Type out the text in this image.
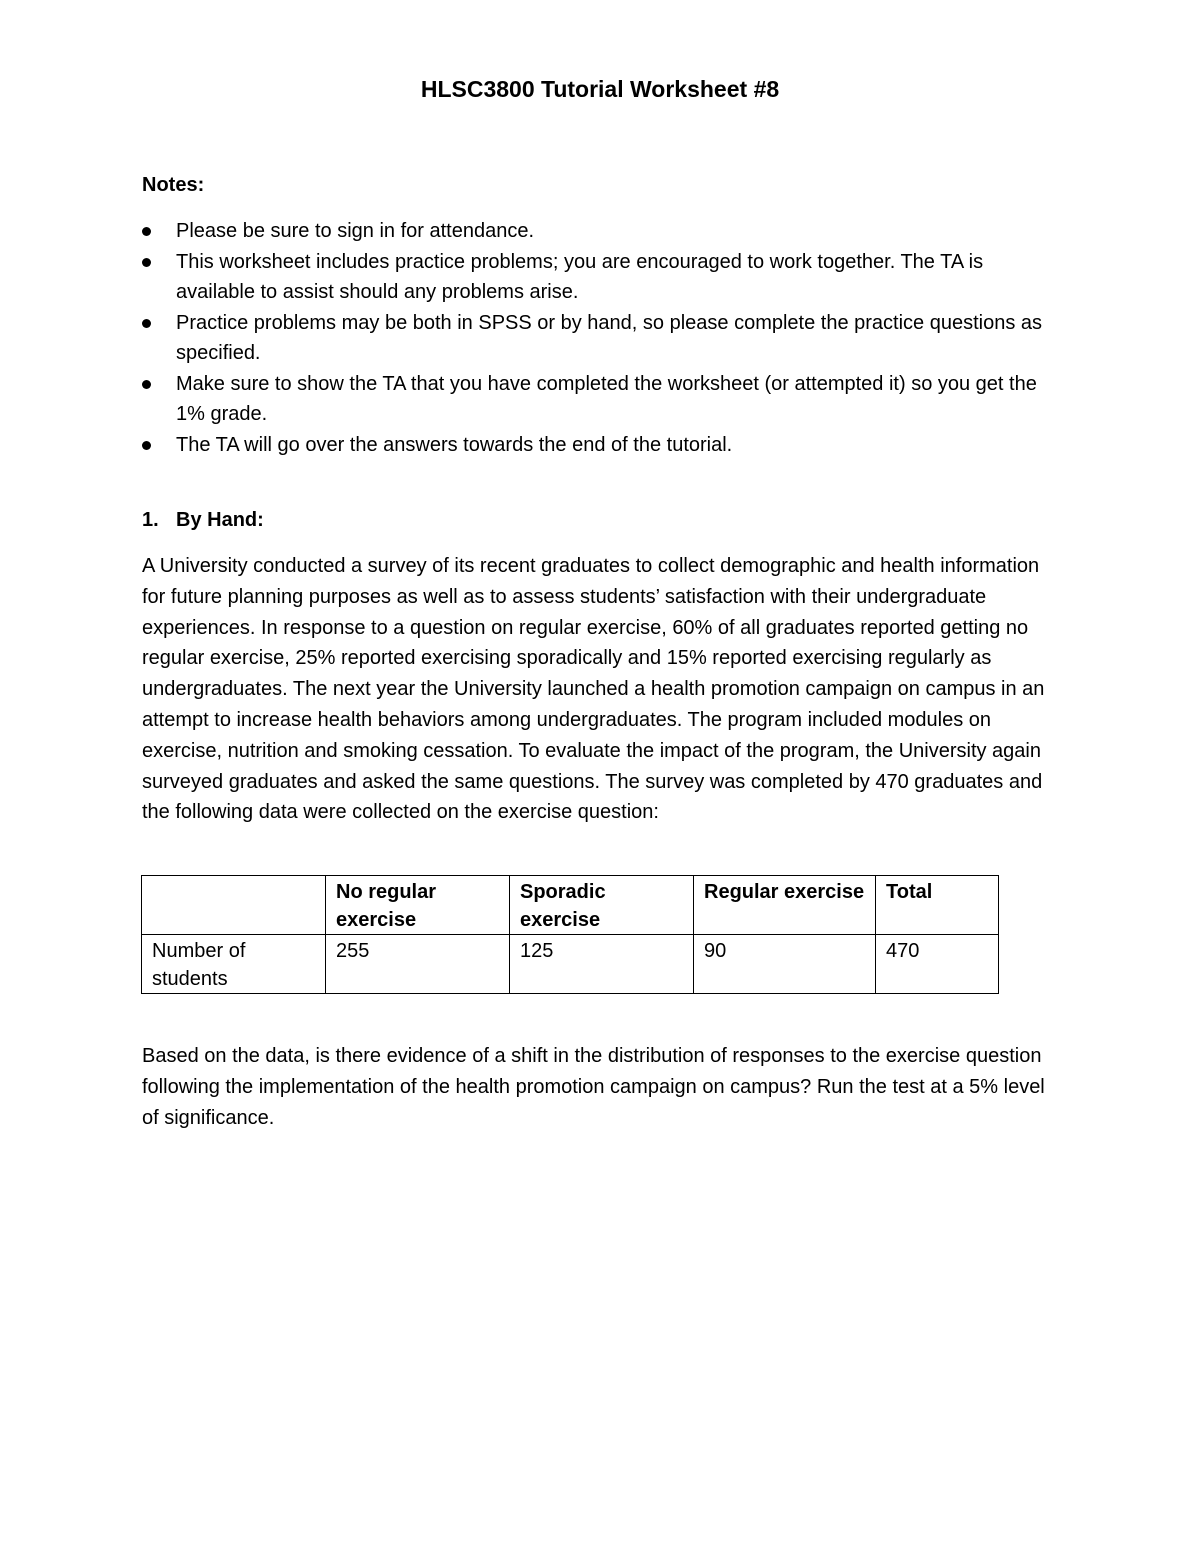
HLSC3800 Tutorial Worksheet #8

Notes:

Please be sure to sign in for attendance.
This worksheet includes practice problems; you are encouraged to work together. The TA is available to assist should any problems arise.
Practice problems may be both in SPSS or by hand, so please complete the practice questions as specified.
Make sure to show the TA that you have completed the worksheet (or attempted it) so you get the 1% grade.
The TA will go over the answers towards the end of the tutorial.

1. By Hand:

A University conducted a survey of its recent graduates to collect demographic and health information for future planning purposes as well as to assess students’ satisfaction with their undergraduate experiences. In response to a question on regular exercise, 60% of all graduates reported getting no regular exercise, 25% reported exercising sporadically and 15% reported exercising regularly as undergraduates. The next year the University launched a health promotion campaign on campus in an attempt to increase health behaviors among undergraduates. The program included modules on exercise, nutrition and smoking cessation. To evaluate the impact of the program, the University again surveyed graduates and asked the same questions. The survey was completed by 470 graduates and the following data were collected on the exercise question:

	No regular exercise	Sporadic exercise	Regular exercise	Total
Number of students	255	125	90	470

Based on the data, is there evidence of a shift in the distribution of responses to the exercise question following the implementation of the health promotion campaign on campus? Run the test at a 5% level of significance.
